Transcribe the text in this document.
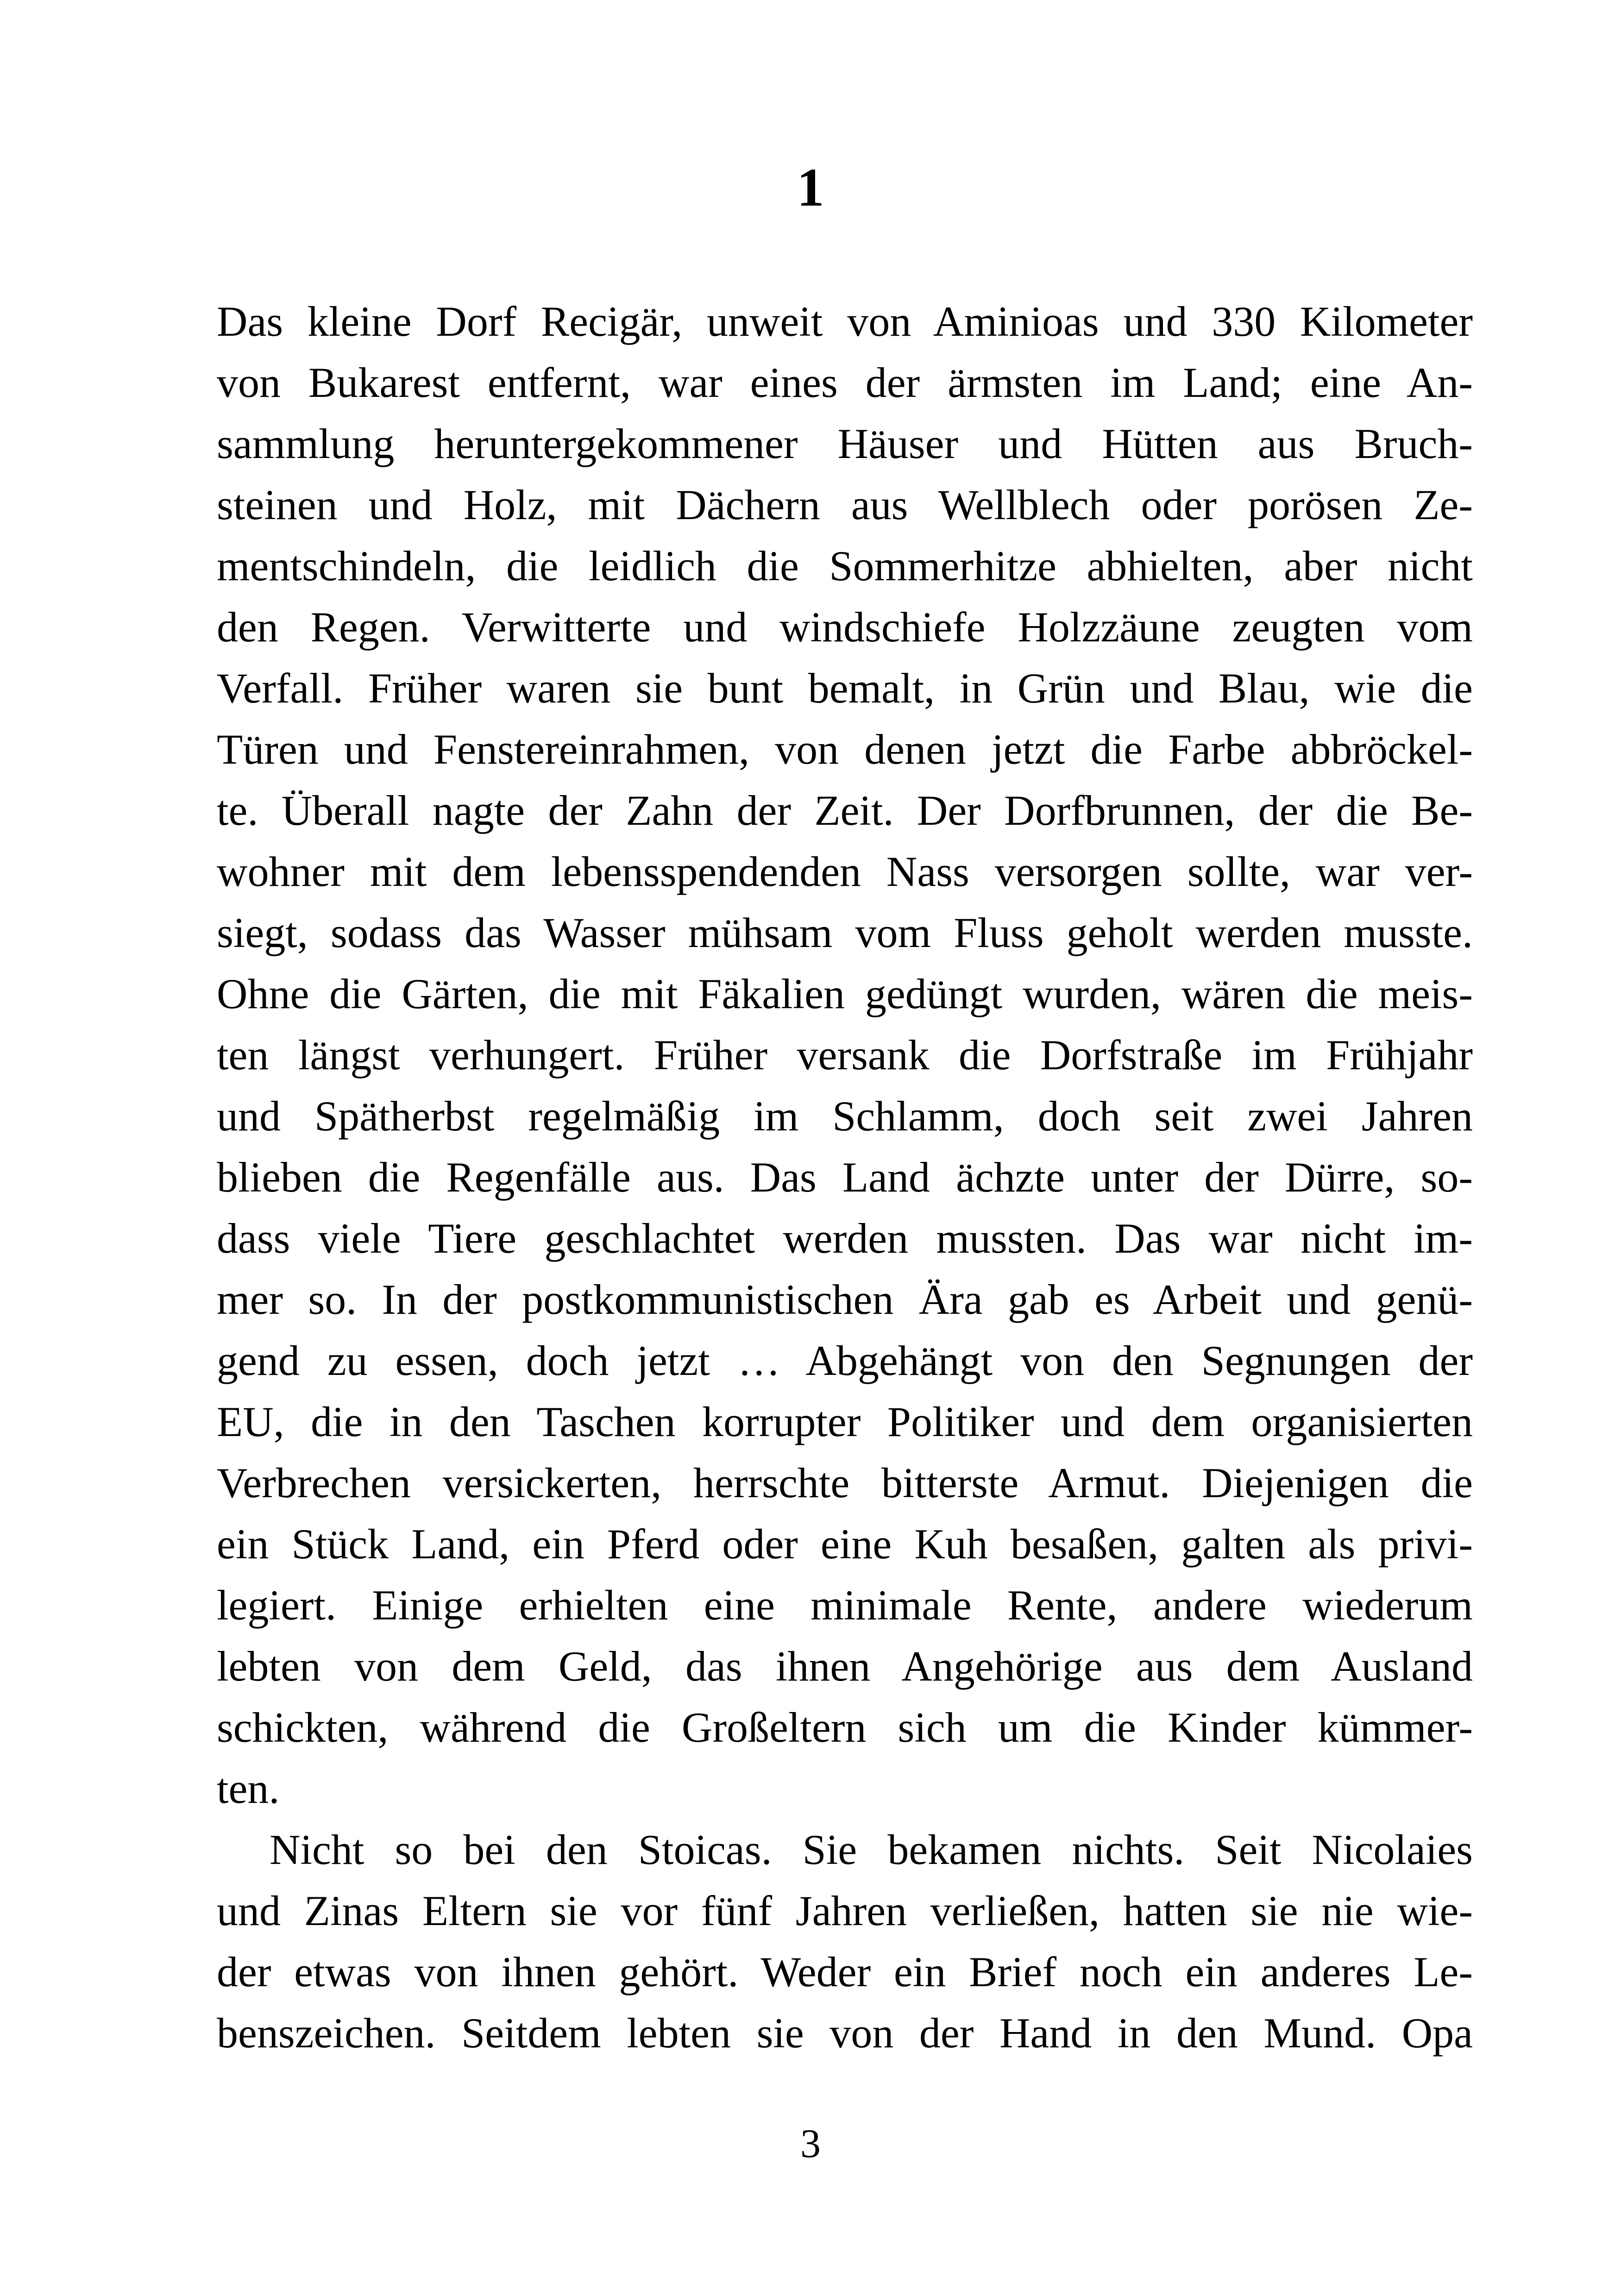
1

Das kleine Dorf Recigär, unweit von Aminioas und 330 Kilometer
von Bukarest entfernt, war eines der ärmsten im Land; eine An-
sammlung heruntergekommener Häuser und Hütten aus Bruch-
steinen und Holz, mit Dächern aus Wellblech oder porösen Ze-
mentschindeln, die leidlich die Sommerhitze abhielten, aber nicht
den Regen. Verwitterte und windschiefe Holzzäune zeugten vom
Verfall. Früher waren sie bunt bemalt, in Grün und Blau, wie die
Türen und Fenstereinrahmen, von denen jetzt die Farbe abbröckel-
te. Überall nagte der Zahn der Zeit. Der Dorfbrunnen, der die Be-
wohner mit dem lebensspendenden Nass versorgen sollte, war ver-
siegt, sodass das Wasser mühsam vom Fluss geholt werden musste.
Ohne die Gärten, die mit Fäkalien gedüngt wurden, wären die meis-
ten längst verhungert. Früher versank die Dorfstraße im Frühjahr
und Spätherbst regelmäßig im Schlamm, doch seit zwei Jahren
blieben die Regenfälle aus. Das Land ächzte unter der Dürre, so-
dass viele Tiere geschlachtet werden mussten. Das war nicht im-
mer so. In der postkommunistischen Ära gab es Arbeit und genü-
gend zu essen, doch jetzt … Abgehängt von den Segnungen der
EU, die in den Taschen korrupter Politiker und dem organisierten
Verbrechen versickerten, herrschte bitterste Armut. Diejenigen die
ein Stück Land, ein Pferd oder eine Kuh besaßen, galten als privi-
legiert. Einige erhielten eine minimale Rente, andere wiederum
lebten von dem Geld, das ihnen Angehörige aus dem Ausland
schickten, während die Großeltern sich um die Kinder kümmer-
ten.

Nicht so bei den Stoicas. Sie bekamen nichts. Seit Nicolaies
und Zinas Eltern sie vor fünf Jahren verließen, hatten sie nie wie-
der etwas von ihnen gehört. Weder ein Brief noch ein anderes Le-
benszeichen. Seitdem lebten sie von der Hand in den Mund. Opa

3
